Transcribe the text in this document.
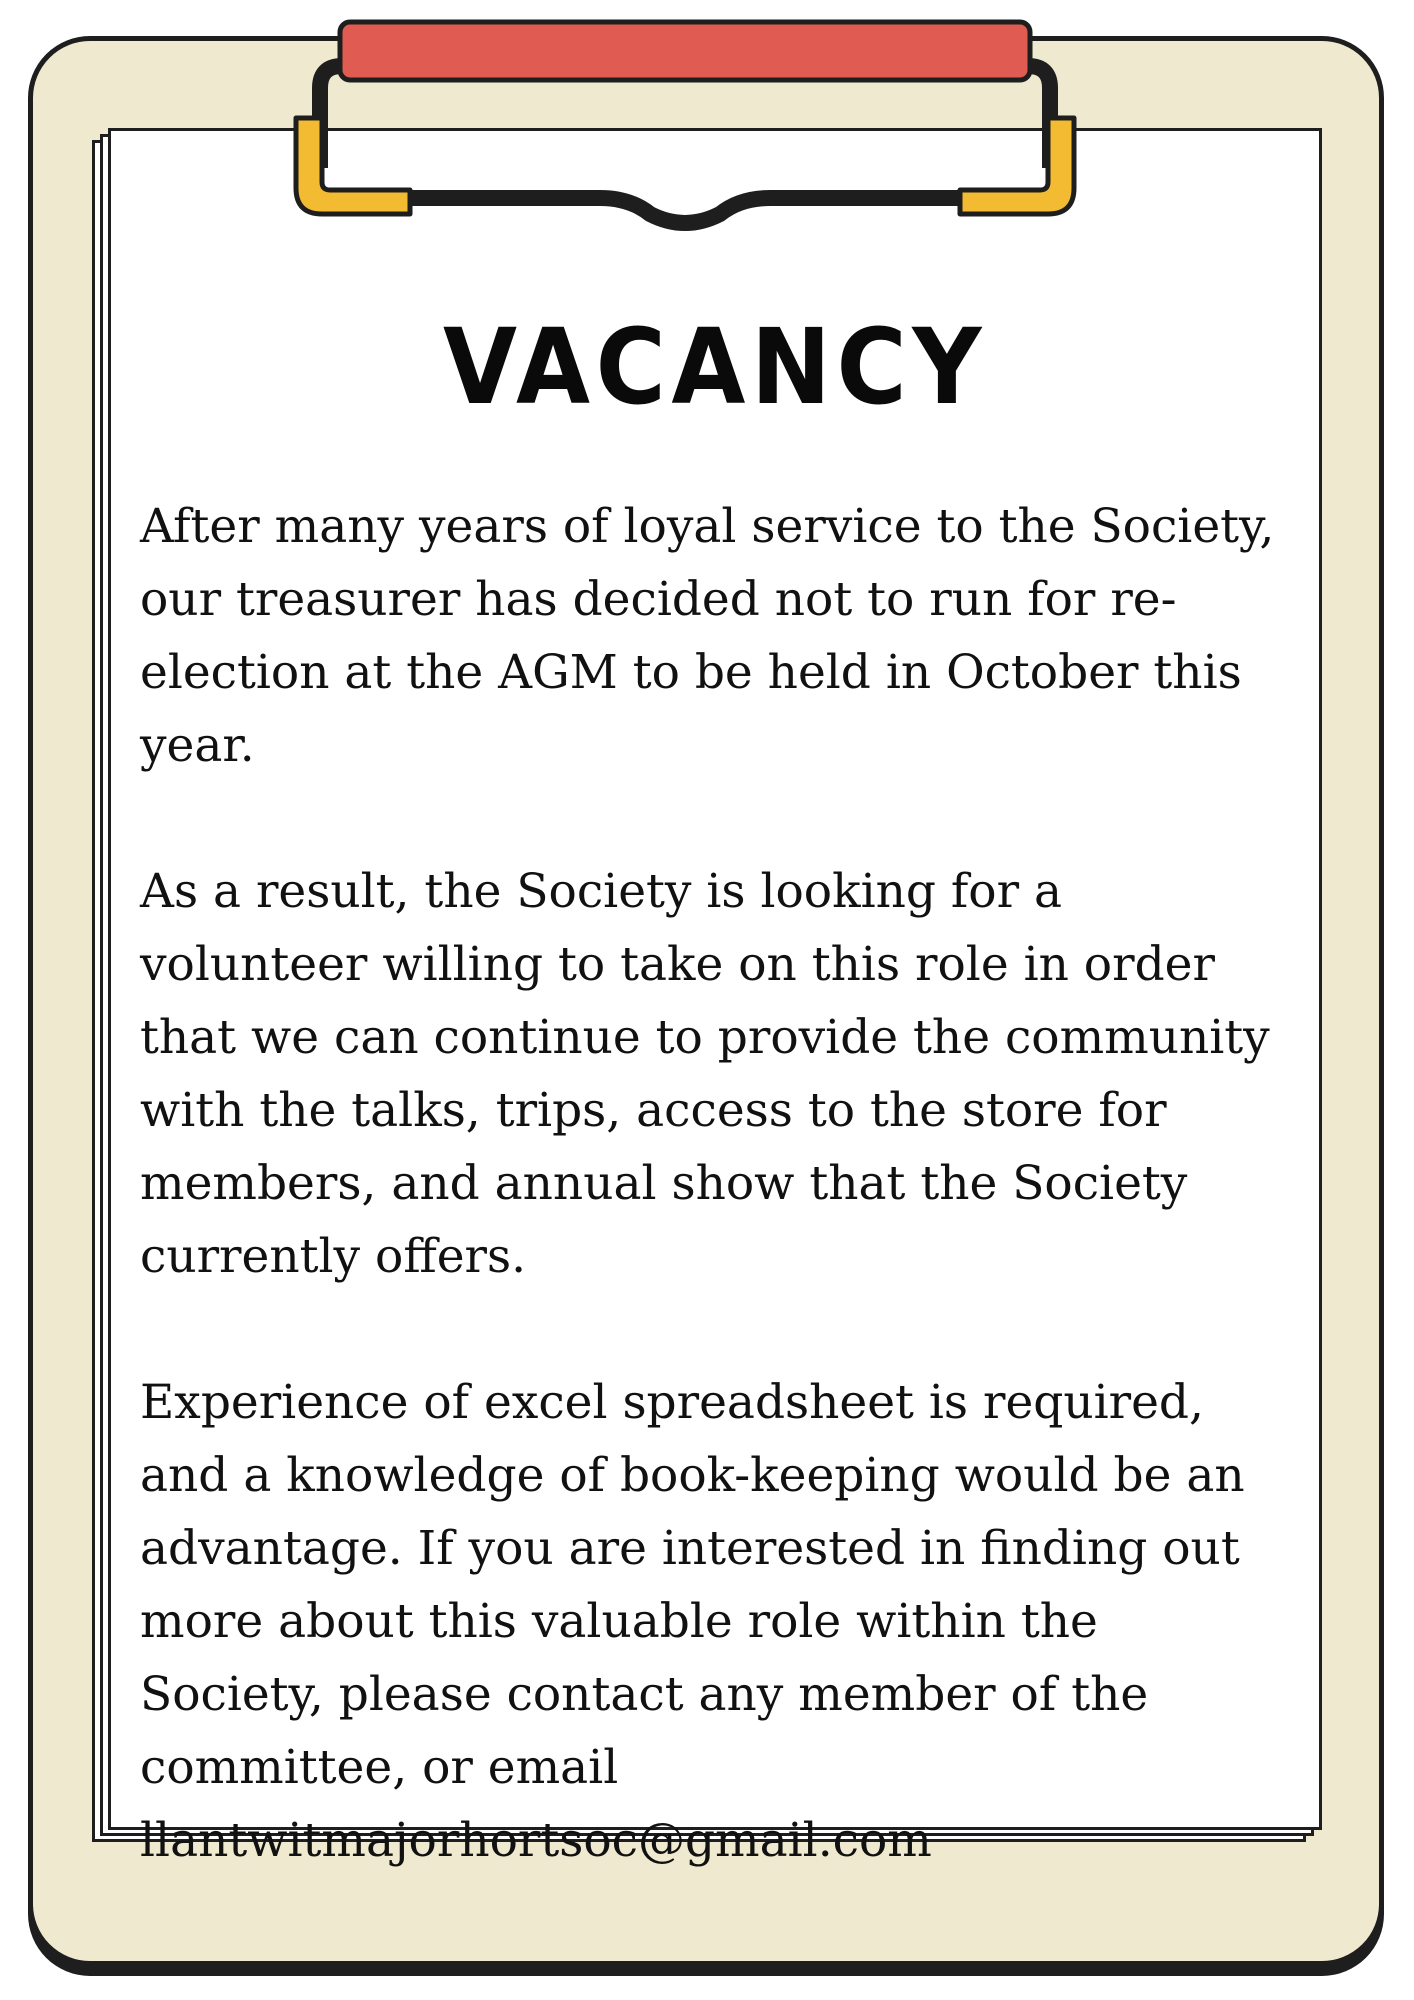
VACANCY

After many years of loyal service to the Society, our treasurer has decided not to run for re-election at the AGM to be held in October this year.

As a result, the Society is looking for a volunteer willing to take on this role in order that we can continue to provide the community with the talks, trips, access to the store for members, and annual show that the Society currently offers.

Experience of excel spreadsheet is required, and a knowledge of book-keeping would be an advantage. If you are interested in finding out more about this valuable role within the Society, please contact any member of the committee, or email llantwitmajorhortsoc@gmail.com
